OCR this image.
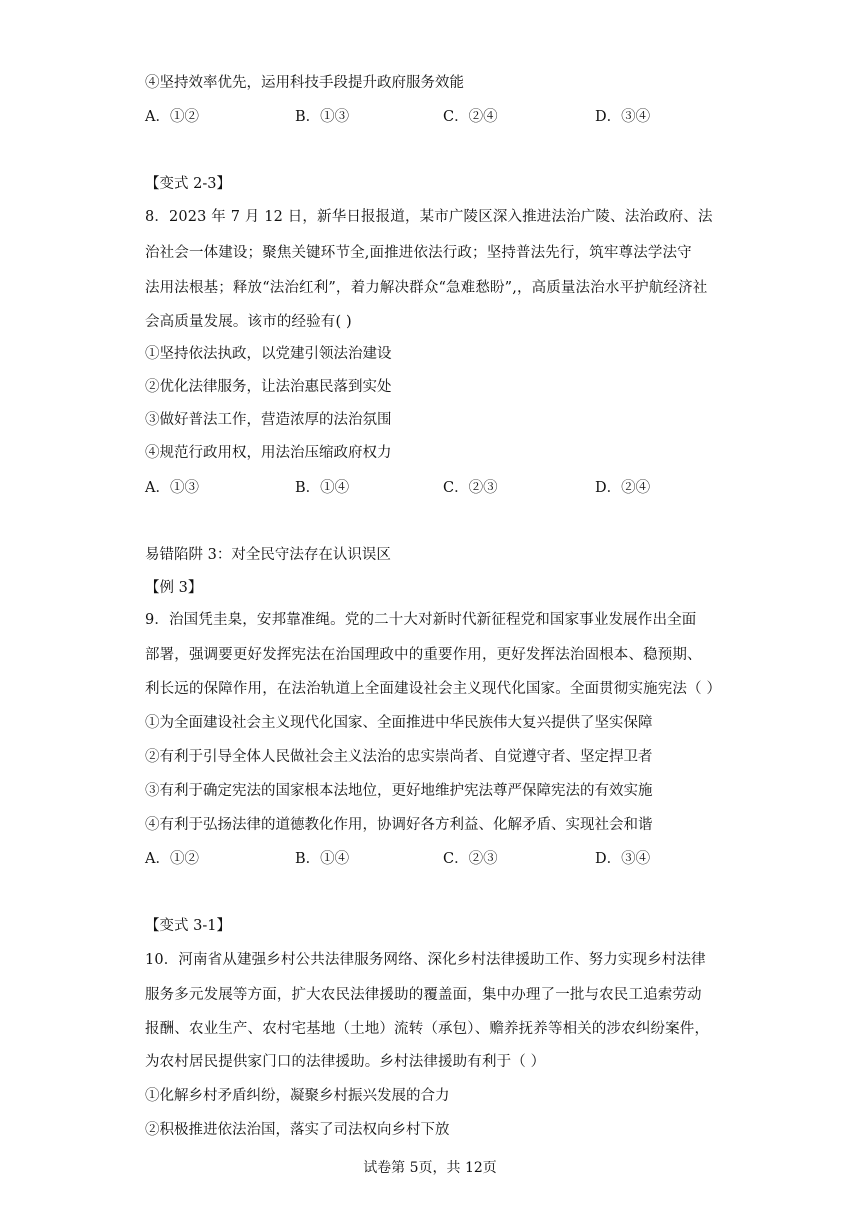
④坚持效率优先，运用科技手段提升政府服务效能
A．①②	B．①③	C．②④	D．③④
【变式 2-3】
8．2023 年 7 月 12 日，新华日报报道，某市广陵区深入推进法治广陵、法治政府、法
治社会一体建设；聚焦关键环节全,面推进依法行政；坚持普法先行，筑牢尊法学法守
法用法根基；释放“法治红利”，着力解决群众“急难愁盼”,，高质量法治水平护航经济社
会高质量发展。该市的经验有( )
①坚持依法执政，以党建引领法治建设
②优化法律服务，让法治惠民落到实处
③做好普法工作，营造浓厚的法治氛围
④规范行政用权，用法治压缩政府权力
A．①③	B．①④	C．②③	D．②④
易错陷阱 3：对全民守法存在认识误区
【例 3】
9．治国凭圭臬，安邦靠准绳。党的二十大对新时代新征程党和国家事业发展作出全面
部署，强调要更好发挥宪法在治国理政中的重要作用，更好发挥法治固根本、稳预期、
利长远的保障作用，在法治轨道上全面建设社会主义现代化国家。全面贯彻实施宪法（ ）
①为全面建设社会主义现代化国家、全面推进中华民族伟大复兴提供了坚实保障
②有利于引导全体人民做社会主义法治的忠实崇尚者、自觉遵守者、坚定捍卫者
③有利于确定宪法的国家根本法地位，更好地维护宪法尊严保障宪法的有效实施
④有利于弘扬法律的道德教化作用，协调好各方利益、化解矛盾、实现社会和谐
A．①②	B．①④	C．②③	D．③④
【变式 3-1】
10．河南省从建强乡村公共法律服务网络、深化乡村法律援助工作、努力实现乡村法律
服务多元发展等方面，扩大农民法律援助的覆盖面，集中办理了一批与农民工追索劳动
报酬、农业生产、农村宅基地（土地）流转（承包）、赡养抚养等相关的涉农纠纷案件，
为农村居民提供家门口的法律援助。乡村法律援助有利于（ ）
①化解乡村矛盾纠纷，凝聚乡村振兴发展的合力
②积极推进依法治国，落实了司法权向乡村下放
试卷第 5页，共 12页
